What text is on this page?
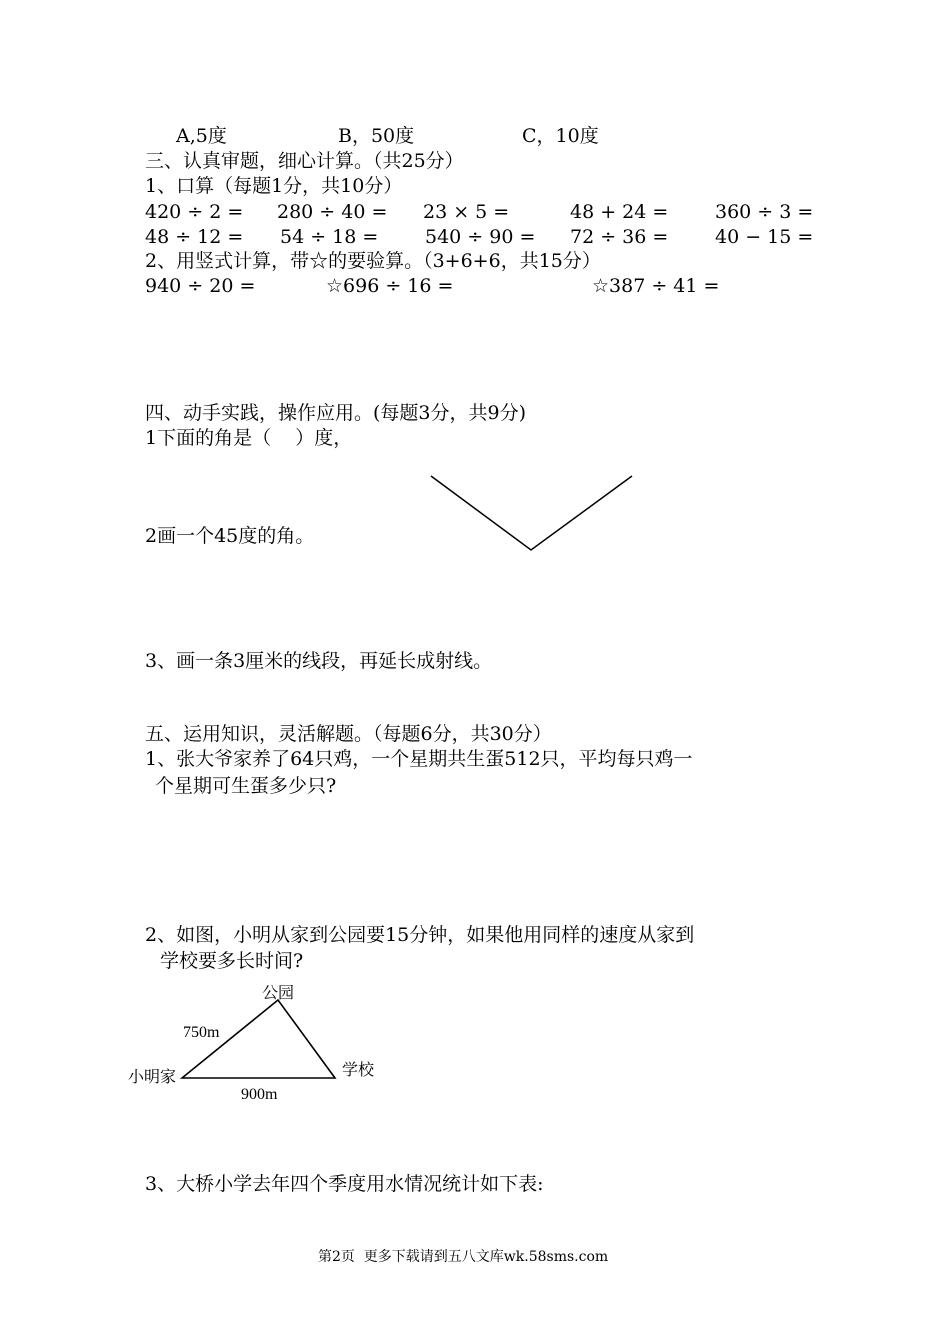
A,5度	B，50度	C，10度
三、认真审题，细心计算。（共25分）
1、口算（每题1分，共10分）
420 ÷ 2 = 280 ÷ 40 = 23 × 5 =	48 + 24 = 360 ÷ 3 =
48 ÷ 12 = 54 ÷ 18 = 540 ÷ 90 = 72 ÷ 36 = 40 − 15 =
2、用竖式计算，带☆的要验算。（3+6+6，共15分）
940 ÷ 20 =	☆696 ÷ 16 =	☆387 ÷ 41 =
四、动手实践，操作应用。(每题3分，共9分)
1下面的角是（    ）度，
2画一个45度的角。
3、画一条3厘米的线段，再延长成射线。
五、运用知识，灵活解题。（每题6分，共30分）
1、张大爷家养了64只鸡，一个星期共生蛋512只，平均每只鸡一
个星期可生蛋多少只?
2、如图，小明从家到公园要15分钟，如果他用同样的速度从家到
学校要多长时间?
公园
750m
小明家	学校
900m
3、大桥小学去年四个季度用水情况统计如下表:
第2页  更多下载请到五八文库wk.58sms.com
